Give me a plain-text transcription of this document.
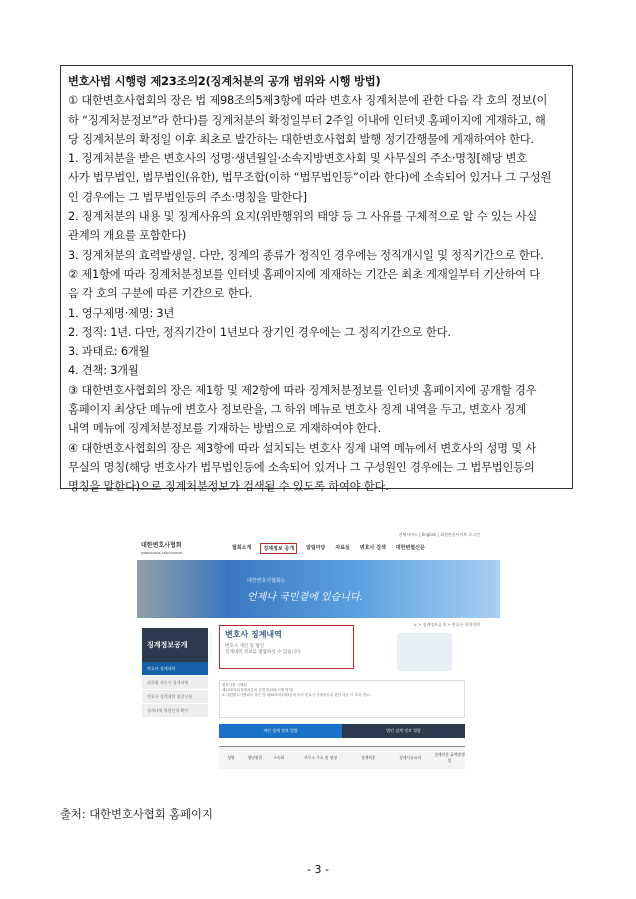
변호사법 시행령 제23조의2(징계처분의 공개 범위와 시행 방법)
① 대한변호사협회의 장은 법 제98조의5제3항에 따라 변호사 징계처분에 관한 다음 각 호의 정보(이
하 “징계처분정보”라 한다)를 징계처분의 확정일부터 2주일 이내에 인터넷 홈페이지에 게재하고, 해
당 징계처분의 확정일 이후 최초로 발간하는 대한변호사협회 발행 정기간행물에 게재하여야 한다.
1. 징계처분을 받은 변호사의 성명·생년월일·소속지방변호사회 및 사무실의 주소·명칭[해당 변호
사가 법무법인, 법무법인(유한), 법무조합(이하 “법무법인등”이라 한다)에 소속되어 있거나 그 구성원
인 경우에는 그 법무법인등의 주소·명칭을 말한다]
2. 징계처분의 내용 및 징계사유의 요지(위반행위의 태양 등 그 사유를 구체적으로 알 수 있는 사실
관계의 개요를 포함한다)
3. 징계처분의 효력발생일. 다만, 징계의 종류가 정직인 경우에는 정직개시일 및 정직기간으로 한다.
② 제1항에 따라 징계처분정보를 인터넷 홈페이지에 게재하는 기간은 최초 게재일부터 기산하여 다
음 각 호의 구분에 따른 기간으로 한다.
1. 영구제명·제명: 3년
2. 정직: 1년. 다만, 정직기간이 1년보다 장기인 경우에는 그 정직기간으로 한다.
3. 과태료: 6개월
4. 견책: 3개월
③ 대한변호사협회의 장은 제1항 및 제2항에 따라 징계처분정보를 인터넷 홈페이지에 공개할 경우
홈페이지 최상단 메뉴에 변호사 정보란을, 그 하위 메뉴로 변호사 징계 내역을 두고, 변호사 징계
내역 메뉴에 징계처분정보를 기재하는 방법으로 게재하여야 한다.
④ 대한변호사협회의 장은 제3항에 따라 설치되는 변호사 징계 내역 메뉴에서 변호사의 성명 및 사
무실의 명칭(해당 변호사가 법무법인등에 소속되어 있거나 그 구성원인 경우에는 그 법무법인등의
명칭을 말한다)으로 징계처분정보가 검색될 수 있도록 하여야 한다.
전체서비스 | English | 회원전용사이트 로그인
대한변호사협회
KOREAN BAR ASSOCIATION
협회소개	징계정보 공개	알림마당 자료실 변호사 검색 대한변협신문
대한변호사협회는
언제나 국민곁에 있습니다.
⌂ > 징계정보공개 > 변호사 징계내역
징계정보공개
변호사 징계내역
외국법 자문사 징계내역
변호사 징계내역 열람신청
징계내역 열람신청 확인
변호사 징계내역
변호사 개인 및 법인
징계내역 정보를 열람하실 수 있습니다.
변호사법 시행령
제23조의2(징계처분의 공개 범위와 시행 방법)
① 대한변호사협회의 장은 법 제98조의5제3항에 따라 변호사 징계처분에 관한 다음 각 호의 정보...
개인 징계 정보 열람	법인 징계 정보 열람
성명	생년월일	소속회	사무소 주소 및 명칭	징계처분	징계사유요지
징계처분 효력발생일
출처: 대한변호사협회 홈페이지
- 3 -
